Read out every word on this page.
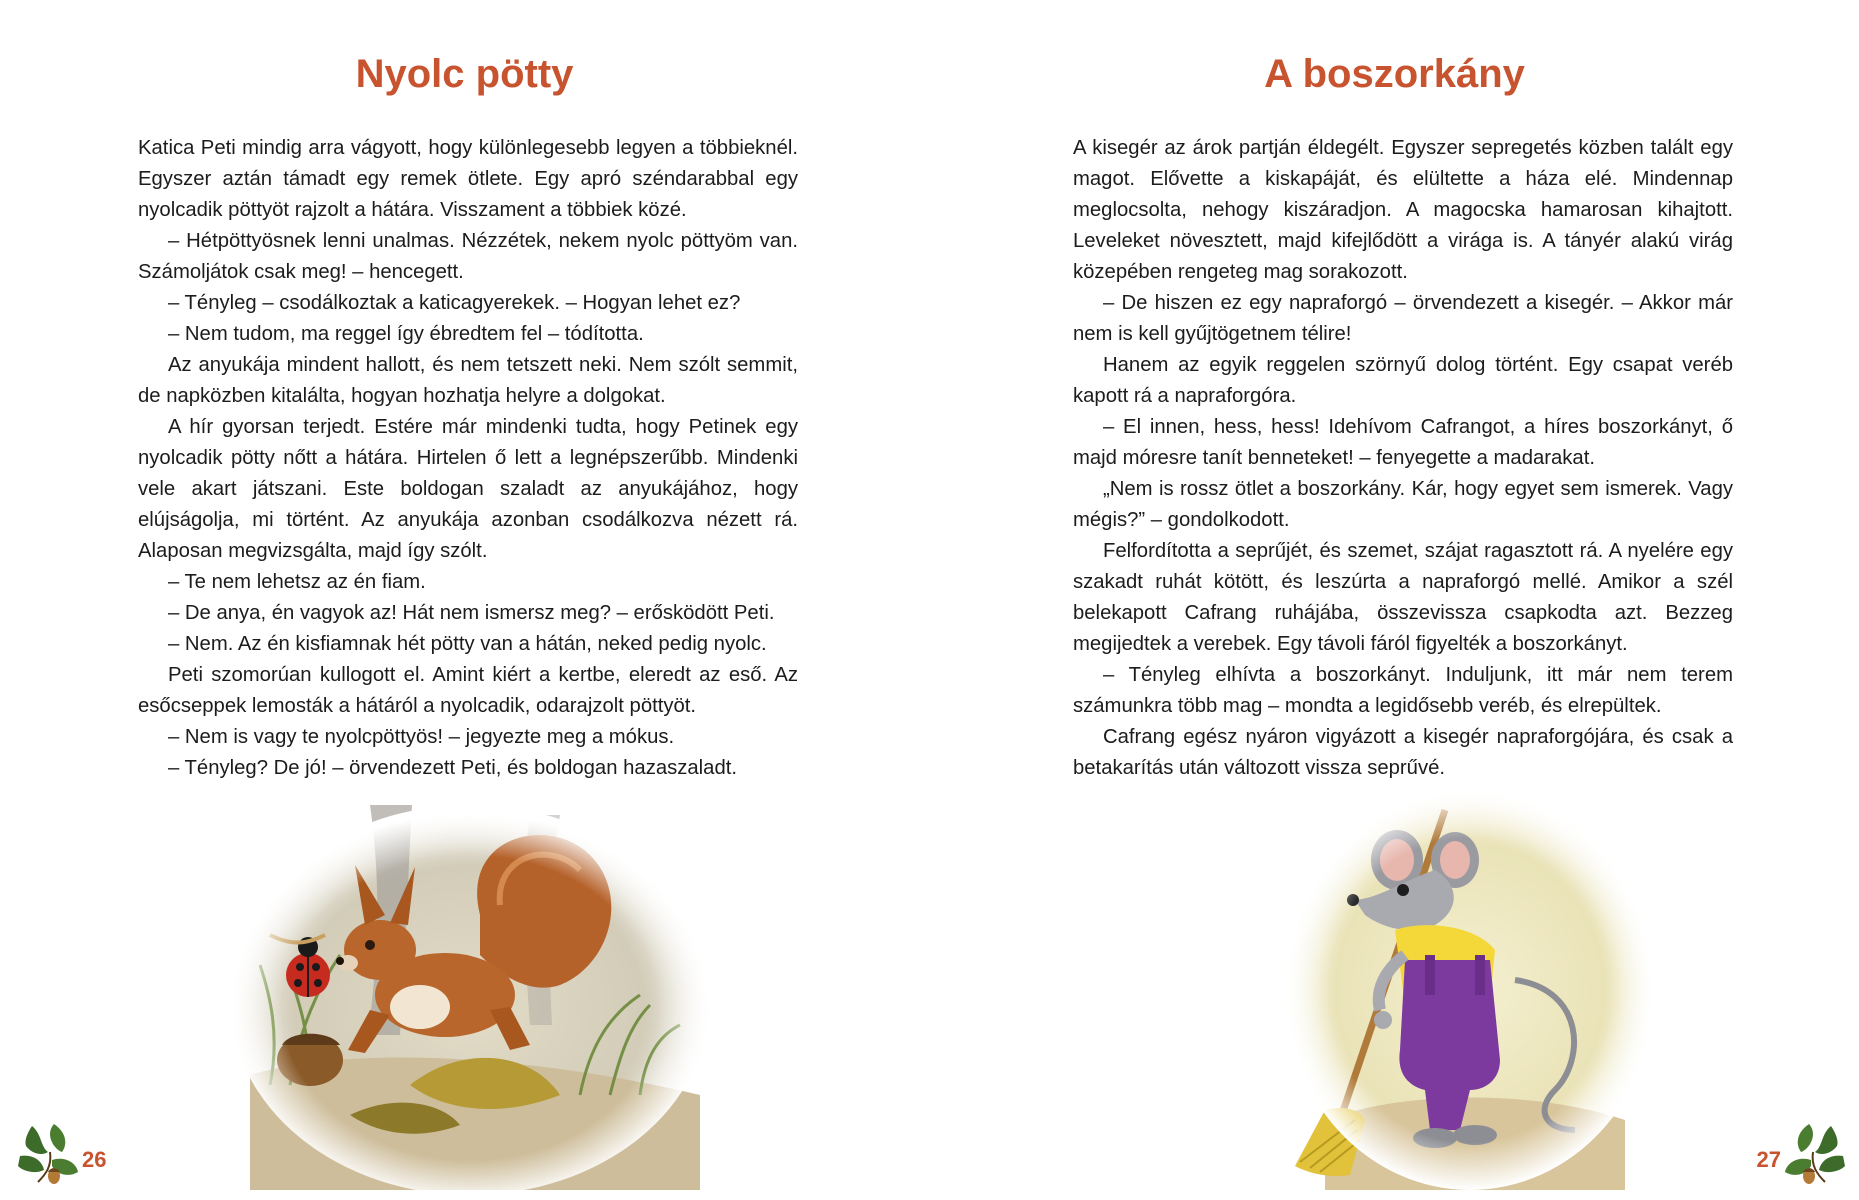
Nyolc pötty

Katica Peti mindig arra vágyott, hogy különlegesebb legyen a többieknél. Egyszer aztán támadt egy remek ötlete. Egy apró széndarabbal egy nyolcadik pöttyöt rajzolt a hátára. Visszament a többiek közé.

– Hétpöttyösnek lenni unalmas. Nézzétek, nekem nyolc pöttyöm van. Számoljátok csak meg! – hencegett.

– Tényleg – csodálkoztak a katicagyerekek. – Hogyan lehet ez?

– Nem tudom, ma reggel így ébredtem fel – tódította.

Az anyukája mindent hallott, és nem tetszett neki. Nem szólt semmit, de napközben kitalálta, hogyan hozhatja helyre a dolgokat.

A hír gyorsan terjedt. Estére már mindenki tudta, hogy Petinek egy nyolcadik pötty nőtt a hátára. Hirtelen ő lett a legnépszerűbb. Mindenki vele akart játszani. Este boldogan szaladt az anyukájához, hogy elújságolja, mi történt. Az anyukája azonban csodálkozva nézett rá. Alaposan megvizsgálta, majd így szólt.

– Te nem lehetsz az én fiam.

– De anya, én vagyok az! Hát nem ismersz meg? – erősködött Peti.

– Nem. Az én kisfiamnak hét pötty van a hátán, neked pedig nyolc.

Peti szomorúan kullogott el. Amint kiért a kertbe, eleredt az eső. Az esőcseppek lemosták a hátáról a nyolcadik, odarajzolt pöttyöt.

– Nem is vagy te nyolcpöttyös! – jegyezte meg a mókus.

– Tényleg? De jó! – örvendezett Peti, és boldogan hazaszaladt.

26
A boszorkány

A kisegér az árok partján éldegélt. Egyszer sepregetés közben talált egy magot. Elővette a kiskapáját, és elültette a háza elé. Mindennap meglocsolta, nehogy kiszáradjon. A magocska hamarosan kihajtott. Leveleket növesztett, majd kifejlődött a virága is. A tányér alakú virág közepében rengeteg mag sorakozott.

– De hiszen ez egy napraforgó – örvendezett a kisegér. – Akkor már nem is kell gyűjtögetnem télire!

Hanem az egyik reggelen szörnyű dolog történt. Egy csapat veréb kapott rá a napraforgóra.

– El innen, hess, hess! Idehívom Cafrangot, a híres boszorkányt, ő majd móresre tanít benneteket! – fenyegette a madarakat.

„Nem is rossz ötlet a boszorkány. Kár, hogy egyet sem ismerek. Vagy mégis?” – gondolkodott.

Felfordította a seprűjét, és szemet, szájat ragasztott rá. A nyelére egy szakadt ruhát kötött, és leszúrta a napraforgó mellé. Amikor a szél belekapott Cafrang ruhájába, összevissza csapkodta azt. Bezzeg megijedtek a verebek. Egy távoli fáról figyelték a boszorkányt.

– Tényleg elhívta a boszorkányt. Induljunk, itt már nem terem számunkra több mag – mondta a legidősebb veréb, és elrepültek.

Cafrang egész nyáron vigyázott a kisegér napraforgójára, és csak a betakarítás után változott vissza seprűvé.

27
